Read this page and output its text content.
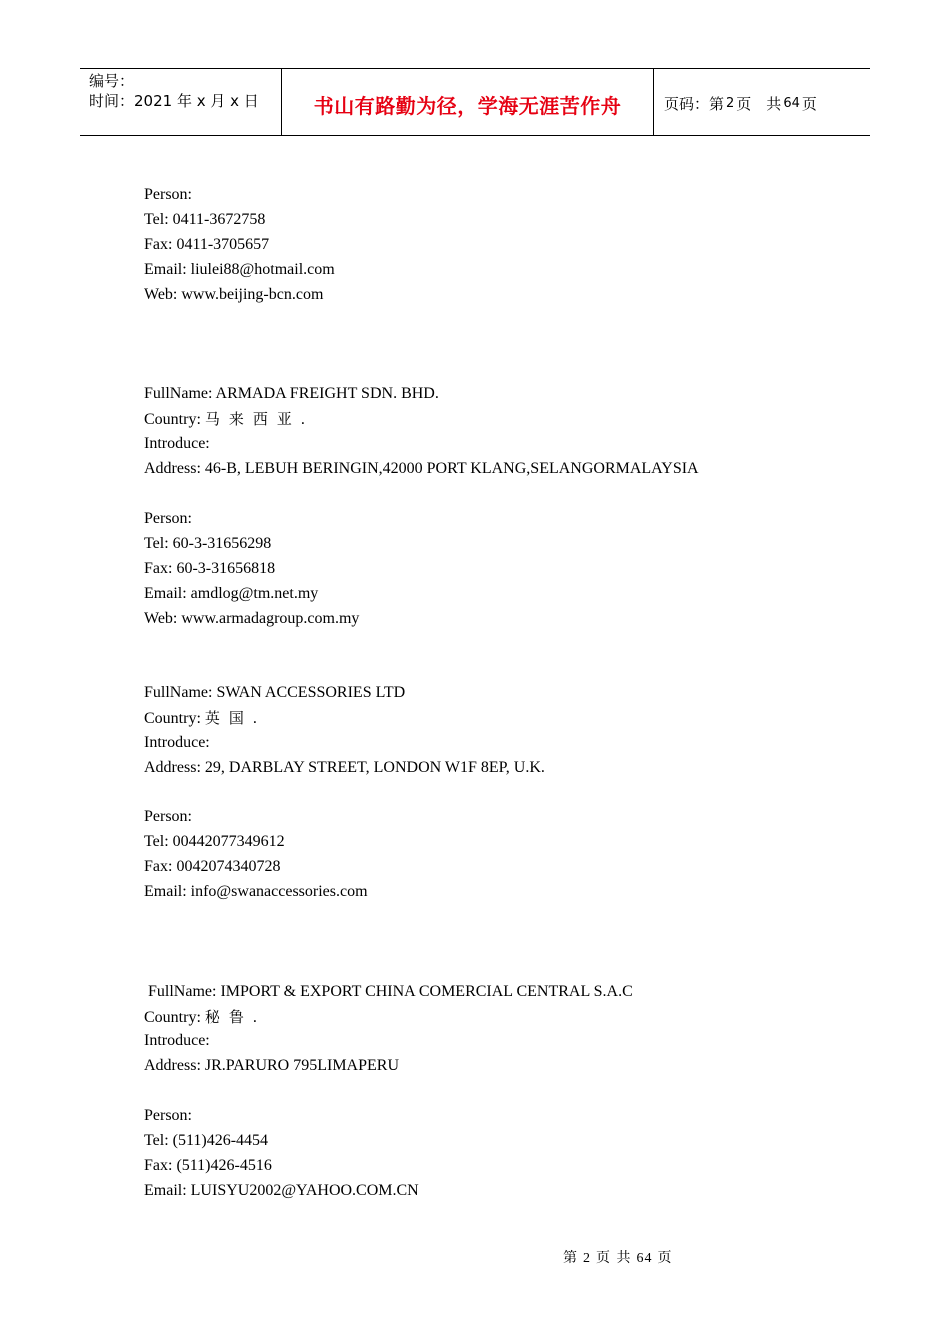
编号：
时间：2021 年 x 月 x 日	书山有路勤为径，学海无涯苦作舟	页码：第 2 页　共 64 页
Person:
Tel: 0411-3672758
Fax: 0411-3705657
Email: liulei88@hotmail.com
Web: www.beijing-bcn.com
FullName: ARMADA FREIGHT SDN. BHD.
Country: 马来西亚.
Introduce:
Address: 46-B, LEBUH BERINGIN,42000 PORT KLANG,SELANGORMALAYSIA
Person:
Tel: 60-3-31656298
Fax: 60-3-31656818
Email: amdlog@tm.net.my
Web: www.armadagroup.com.my
FullName: SWAN ACCESSORIES LTD
Country: 英国.
Introduce:
Address: 29, DARBLAY STREET, LONDON W1F 8EP, U.K.
Person:
Tel: 00442077349612
Fax: 0042074340728
Email: info@swanaccessories.com
FullName: IMPORT & EXPORT CHINA COMERCIAL CENTRAL S.A.C
Country: 秘鲁.
Introduce:
Address: JR.PARURO 795LIMAPERU
Person:
Tel: (511)426-4454
Fax: (511)426-4516
Email: LUISYU2002@YAHOO.COM.CN
第 2 页 共 64 页
